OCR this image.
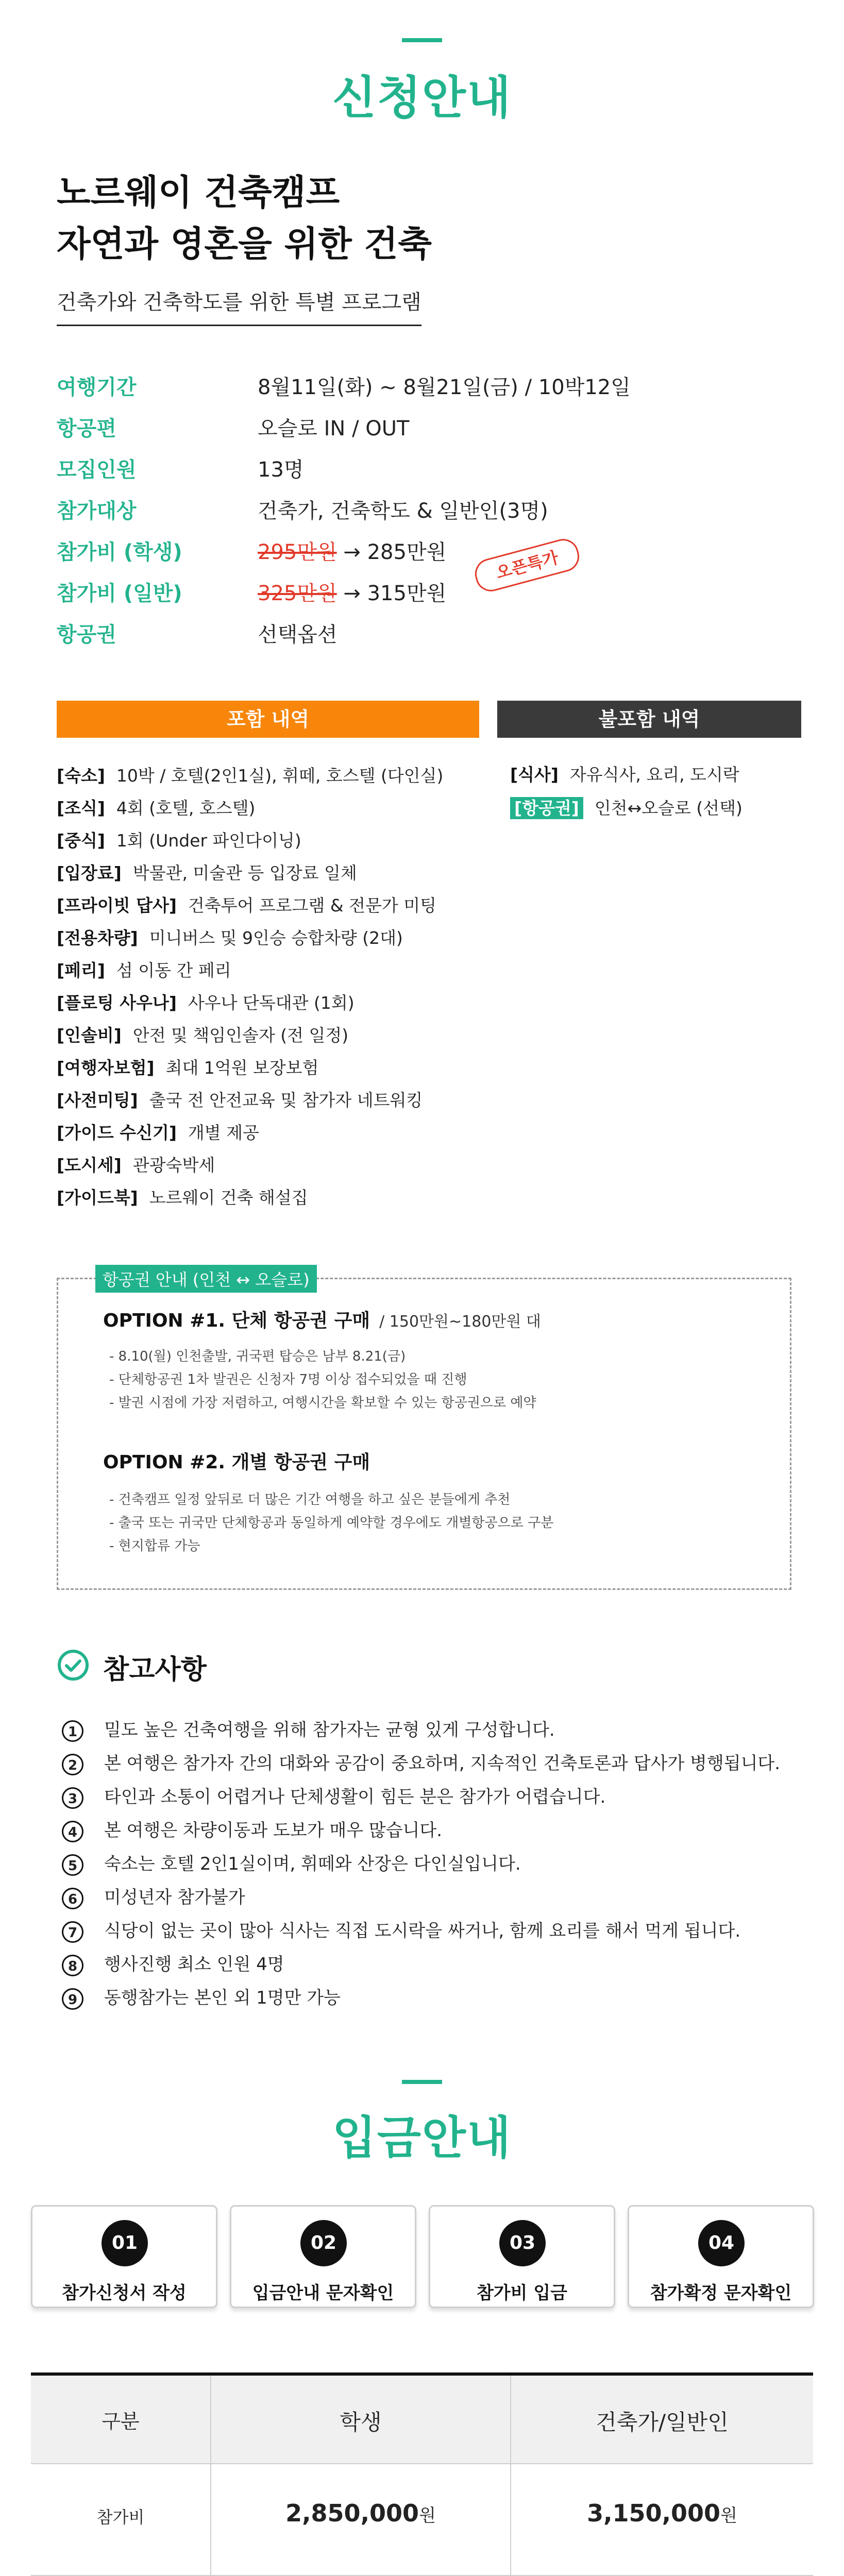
신청안내
노르웨이 건축캠프
자연과 영혼을 위한 건축
건축가와 건축학도를 위한 특별 프로그램
여행기간	8월11일(화) ~ 8월21일(금) / 10박12일
항공편	오슬로 IN / OUT
모집인원	13명
참가대상	건축가, 건축학도 & 일반인(3명)
참가비 (학생)	295만원 → 285만원
참가비 (일반)	325만원 → 315만원
오픈특가
항공권	선택옵션
포함 내역	불포함 내역
[숙소] 10박 / 호텔(2인1실), 휘떼, 호스텔 (다인실)
[조식] 4회 (호텔, 호스텔)
[중식] 1회 (Under 파인다이닝)
[입장료] 박물관, 미술관 등 입장료 일체
[프라이빗 답사] 건축투어 프로그램 & 전문가 미팅
[전용차량] 미니버스 및 9인승 승합차량 (2대)
[페리] 섬 이동 간 페리
[플로팅 사우나] 사우나 단독대관 (1회)
[인솔비] 안전 및 책임인솔자 (전 일정)
[여행자보험] 최대 1억원 보장보험
[사전미팅] 출국 전 안전교육 및 참가자 네트워킹
[가이드 수신기] 개별 제공
[도시세] 관광숙박세
[가이드북] 노르웨이 건축 해설집
[식사] 자유식사, 요리, 도시락
[항공권] 인천↔오슬로 (선택)
항공권 안내 (인천 ↔ 오슬로)
OPTION #1. 단체 항공권 구매 / 150만원~180만원 대
- 8.10(월) 인천출발, 귀국편 탑승은 남부 8.21(금)
- 단체항공권 1차 발권은 신청자 7명 이상 접수되었을 때 진행
- 발권 시점에 가장 저렴하고, 여행시간을 확보할 수 있는 항공권으로 예약
OPTION #2. 개별 항공권 구매
- 건축캠프 일정 앞뒤로 더 많은 기간 여행을 하고 싶은 분들에게 추천
- 출국 또는 귀국만 단체항공과 동일하게 예약할 경우에도 개별항공으로 구분
- 현지합류 가능
참고사항
1 밀도 높은 건축여행을 위해 참가자는 균형 있게 구성합니다.
2 본 여행은 참가자 간의 대화와 공감이 중요하며, 지속적인 건축토론과 답사가 병행됩니다.
3 타인과 소통이 어렵거나 단체생활이 힘든 분은 참가가 어렵습니다.
4 본 여행은 차량이동과 도보가 매우 많습니다.
5 숙소는 호텔 2인1실이며, 휘떼와 산장은 다인실입니다.
6 미성년자 참가불가
7 식당이 없는 곳이 많아 식사는 직접 도시락을 싸거나, 함께 요리를 해서 먹게 됩니다.
8 행사진행 최소 인원 4명
9 동행참가는 본인 외 1명만 가능
입금안내
01
참가신청서 작성
02
입금안내 문자확인
03
참가비 입금
04
참가확정 문자확인
구분	학생	건축가/일반인
참가비	2,850,000원	3,150,000원
